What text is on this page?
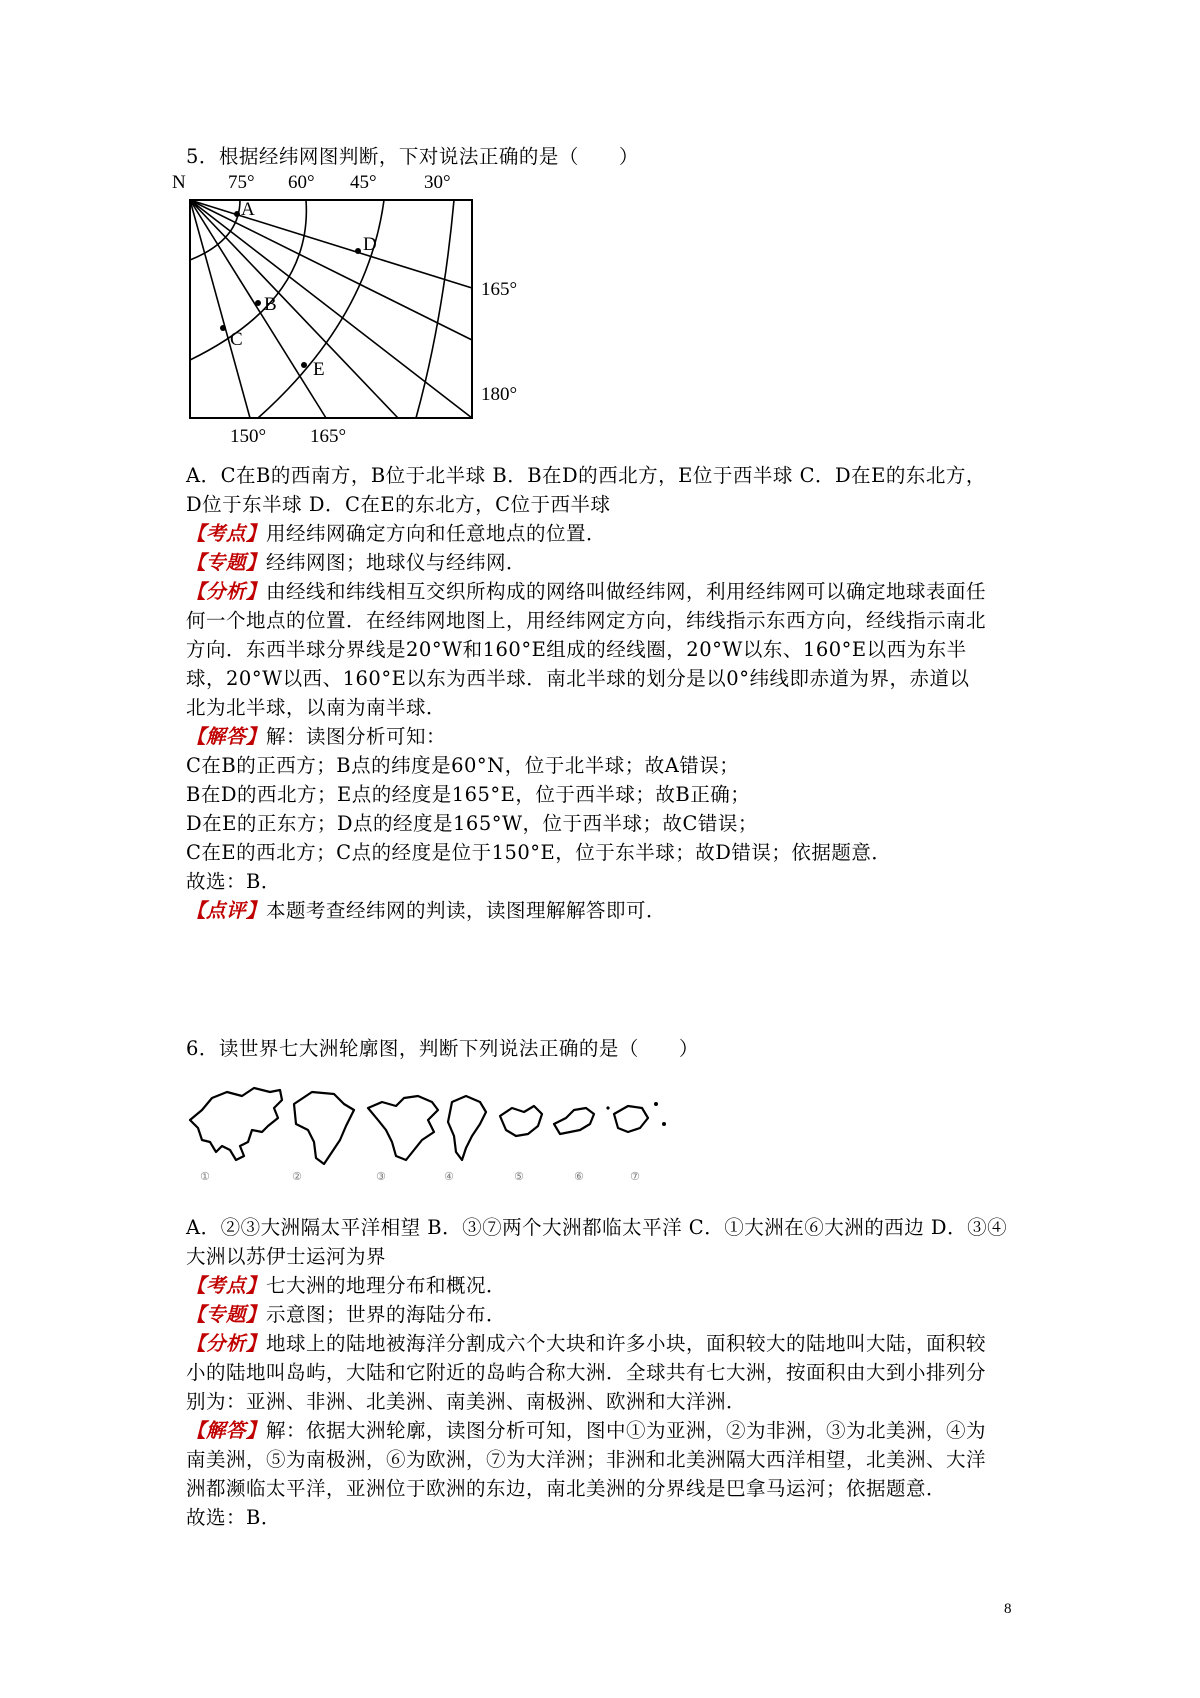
5．根据经纬网图判断，下对说法正确的是（　　）
N 75° 60° 45° 30°
165°
180°
150° 165°
A
B
C
D
E
A．C在B的西南方，B位于北半球 B．B在D的西北方，E位于西半球 C．D在E的东北方，
D位于东半球 D．C在E的东北方，C位于西半球
【考点】用经纬网确定方向和任意地点的位置．
【专题】经纬网图；地球仪与经纬网．
【分析】由经线和纬线相互交织所构成的网络叫做经纬网，利用经纬网可以确定地球表面任
何一个地点的位置．在经纬网地图上，用经纬网定方向，纬线指示东西方向，经线指示南北
方向．东西半球分界线是20°W和160°E组成的经线圈，20°W以东、160°E以西为东半
球，20°W以西、160°E以东为西半球．南北半球的划分是以0°纬线即赤道为界，赤道以
北为北半球，以南为南半球．
【解答】解：读图分析可知：
C在B的正西方；B点的纬度是60°N，位于北半球；故A错误；
B在D的西北方；E点的经度是165°E，位于西半球；故B正确；
D在E的正东方；D点的经度是165°W，位于西半球；故C错误；
C在E的西北方；C点的经度是位于150°E，位于东半球；故D错误；依据题意．
故选：B．
【点评】本题考查经纬网的判读，读图理解解答即可．
6．读世界七大洲轮廓图，判断下列说法正确的是（　　）
①	②	③	④	⑤	⑥	⑦
A．②③大洲隔太平洋相望 B．③⑦两个大洲都临太平洋 C．①大洲在⑥大洲的西边 D．③④
大洲以苏伊士运河为界
【考点】七大洲的地理分布和概况．
【专题】示意图；世界的海陆分布．
【分析】地球上的陆地被海洋分割成六个大块和许多小块，面积较大的陆地叫大陆，面积较
小的陆地叫岛屿，大陆和它附近的岛屿合称大洲．全球共有七大洲，按面积由大到小排列分
别为：亚洲、非洲、北美洲、南美洲、南极洲、欧洲和大洋洲．
【解答】解：依据大洲轮廓，读图分析可知，图中①为亚洲，②为非洲，③为北美洲，④为
南美洲，⑤为南极洲，⑥为欧洲，⑦为大洋洲；非洲和北美洲隔大西洋相望，北美洲、大洋
洲都濒临太平洋，亚洲位于欧洲的东边，南北美洲的分界线是巴拿马运河；依据题意．
故选：B．
8
